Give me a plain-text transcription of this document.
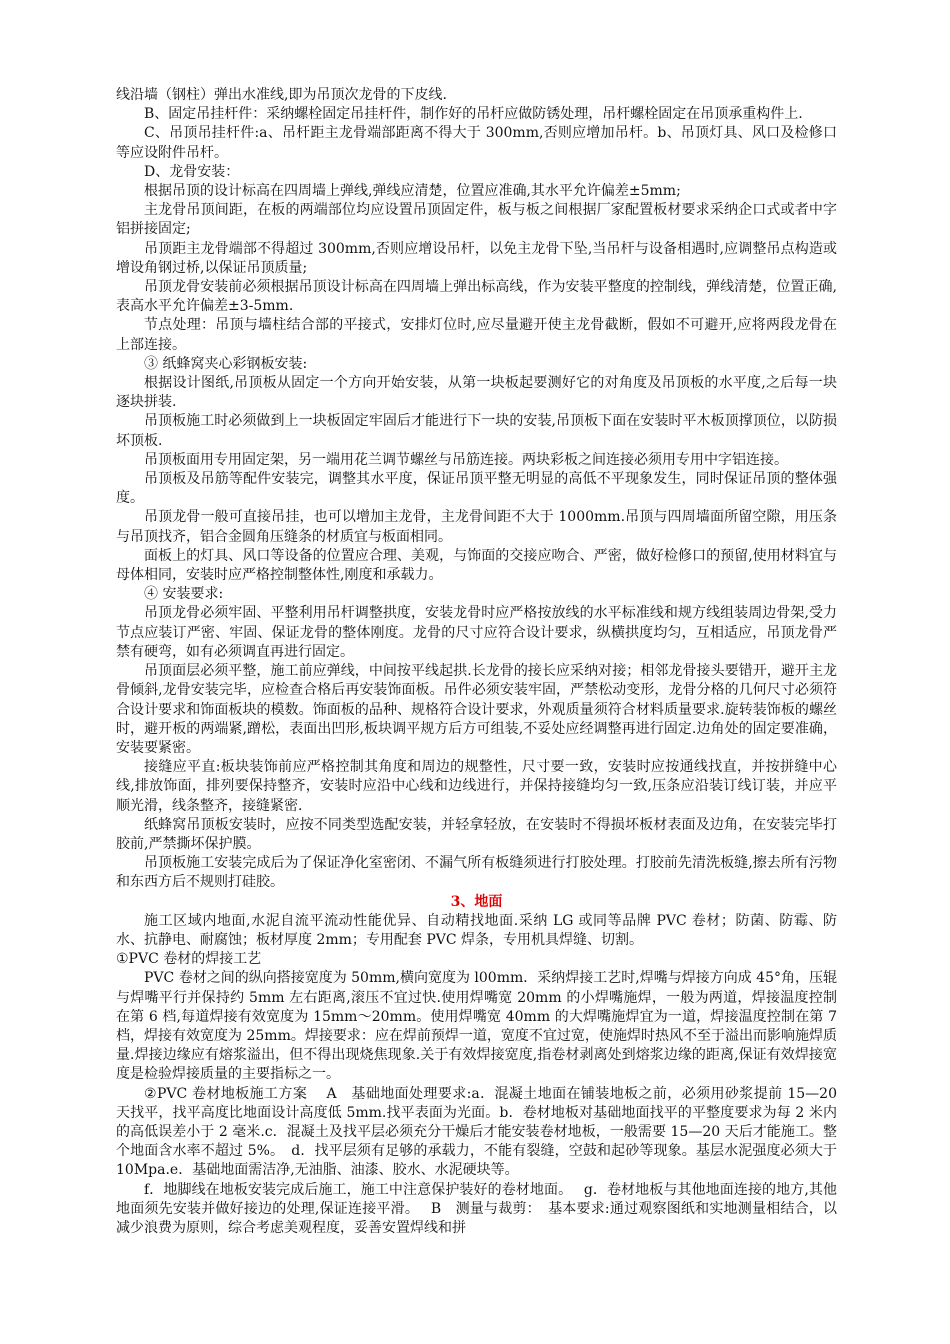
线沿墙（钢柱）弹出水准线,即为吊顶次龙骨的下皮线.

B、固定吊挂杆件：采纳螺栓固定吊挂杆件，制作好的吊杆应做防锈处理，吊杆螺栓固定在吊顶承重构件上.

C、吊顶吊挂杆件:a、吊杆距主龙骨端部距离不得大于 300mm,否则应增加吊杆。b、吊顶灯具、风口及检修口等应设附件吊杆。

D、龙骨安装：

根据吊顶的设计标高在四周墙上弹线,弹线应清楚，位置应准确,其水平允许偏差±5mm;

主龙骨吊顶间距，在板的两端部位均应设置吊顶固定件，板与板之间根据厂家配置板材要求采纳企口式或者中字铝拼接固定;

吊顶距主龙骨端部不得超过 300mm,否则应增设吊杆，以免主龙骨下坠,当吊杆与设备相遇时,应调整吊点构造或增设角钢过桥,以保证吊顶质量;

吊顶龙骨安装前必须根据吊顶设计标高在四周墙上弹出标高线，作为安装平整度的控制线，弹线清楚，位置正确,表高水平允许偏差±3-5mm.

节点处理：吊顶与墙柱结合部的平接式，安排灯位时,应尽量避开使主龙骨截断，假如不可避开,应将两段龙骨在上部连接。

③ 纸蜂窝夹心彩钢板安装:

根据设计图纸,吊顶板从固定一个方向开始安装，从第一块板起要测好它的对角度及吊顶板的水平度,之后每一块逐块拼装.

吊顶板施工时必须做到上一块板固定牢固后才能进行下一块的安装,吊顶板下面在安装时平木板顶撑顶位，以防损坏顶板.

吊顶板面用专用固定架，另一端用花兰调节螺丝与吊筋连接。两块彩板之间连接必须用专用中字铝连接。

吊顶板及吊筋等配件安装完，调整其水平度，保证吊顶平整无明显的高低不平现象发生，同时保证吊顶的整体强度。

吊顶龙骨一般可直接吊挂，也可以增加主龙骨，主龙骨间距不大于 1000mm.吊顶与四周墙面所留空隙，用压条与吊顶找齐，铝合金圆角压缝条的材质宜与板面相同。

面板上的灯具、风口等设备的位置应合理、美观，与饰面的交接应吻合、严密，做好检修口的预留,使用材料宜与母体相同，安装时应严格控制整体性,刚度和承载力。

④ 安装要求:

吊顶龙骨必须牢固、平整利用吊杆调整拱度，安装龙骨时应严格按放线的水平标准线和规方线组装周边骨架,受力节点应装订严密、牢固、保证龙骨的整体刚度。龙骨的尺寸应符合设计要求，纵横拱度均匀，互相适应，吊顶龙骨严禁有硬弯，如有必须调直再进行固定。

吊顶面层必须平整，施工前应弹线，中间按平线起拱.长龙骨的接长应采纳对接；相邻龙骨接头要错开，避开主龙骨倾斜,龙骨安装完毕，应检查合格后再安装饰面板。吊件必须安装牢固，严禁松动变形，龙骨分格的几何尺寸必须符合设计要求和饰面板块的模数。饰面板的品种、规格符合设计要求，外观质量须符合材料质量要求.旋转装饰板的螺丝时，避开板的两端紧,蹭松，表面出凹形,板块调平规方后方可组装,不妥处应经调整再进行固定.边角处的固定要准确，安装要紧密。

接缝应平直:板块装饰前应严格控制其角度和周边的规整性，尺寸要一致，安装时应按通线找直，并按拼缝中心线,排放饰面，排列要保持整齐，安装时应沿中心线和边线进行，并保持接缝均匀一致,压条应沿装订线订装，并应平顺光滑，线条整齐，接缝紧密.

纸蜂窝吊顶板安装时，应按不同类型选配安装，并轻拿轻放，在安装时不得损坏板材表面及边角，在安装完毕打胶前,严禁撕坏保护膜。

吊顶板施工安装完成后为了保证净化室密闭、不漏气所有板缝须进行打胶处理。打胶前先清洗板缝,擦去所有污物和东西方后不规则打硅胶。

3、地面

施工区域内地面,水泥自流平流动性能优异、自动精找地面.采纳 LG 或同等品牌 PVC 卷材；防菌、防霉、防水、抗静电、耐腐蚀；板材厚度 2mm；专用配套 PVC 焊条，专用机具焊缝、切割。

①PVC 卷材的焊接工艺

PVC 卷材之间的纵向搭接宽度为 50mm,横向宽度为 l00mm．采纳焊接工艺时,焊嘴与焊接方向成 45°角，压辊与焊嘴平行并保持约 5mm 左右距离,滚压不宜过快.使用焊嘴宽 20mm 的小焊嘴施焊，一般为两道，焊接温度控制在第 6 档,每道焊接有效宽度为 15mm～20mm。使用焊嘴宽 40mm 的大焊嘴施焊宜为一道，焊接温度控制在第 7 档，焊接有效宽度为 25mm。焊接要求：应在焊前预焊一道，宽度不宜过宽，使施焊时热风不至于溢出而影响施焊质量.焊接边缘应有熔浆溢出，但不得出现烧焦现象.关于有效焊接宽度,指卷材剥离处到熔浆边缘的距离,保证有效焊接宽度是检验焊接质量的主要指标之一。

②PVC 卷材地板施工方案　 A　基础地面处理要求:a．混凝土地面在铺装地板之前，必须用砂浆提前 15—20 天找平，找平高度比地面设计高度低 5mm.找平表面为光面。b．卷材地板对基础地面找平的平整度要求为每 2 米内的高低误差小于 2 毫米.c．混凝土及找平层必须充分干燥后才能安装卷材地板，一般需要 15—20 天后才能施工。整个地面含水率不超过 5%。　d．找平层须有足够的承载力，不能有裂缝，空鼓和起砂等现象。基层水泥强度必须大于 10Mpa.e．基础地面需洁净,无油脂、油漆、胶水、水泥硬块等。

f．地脚线在地板安装完成后施工，施工中注意保护装好的卷材地面。　 g．卷材地板与其他地面连接的地方,其他地面须先安装并做好接边的处理,保证连接平滑。　 B　测量与裁剪：　基本要求:通过观察图纸和实地测量相结合，以减少浪费为原则，综合考虑美观程度，妥善安置焊线和拼
